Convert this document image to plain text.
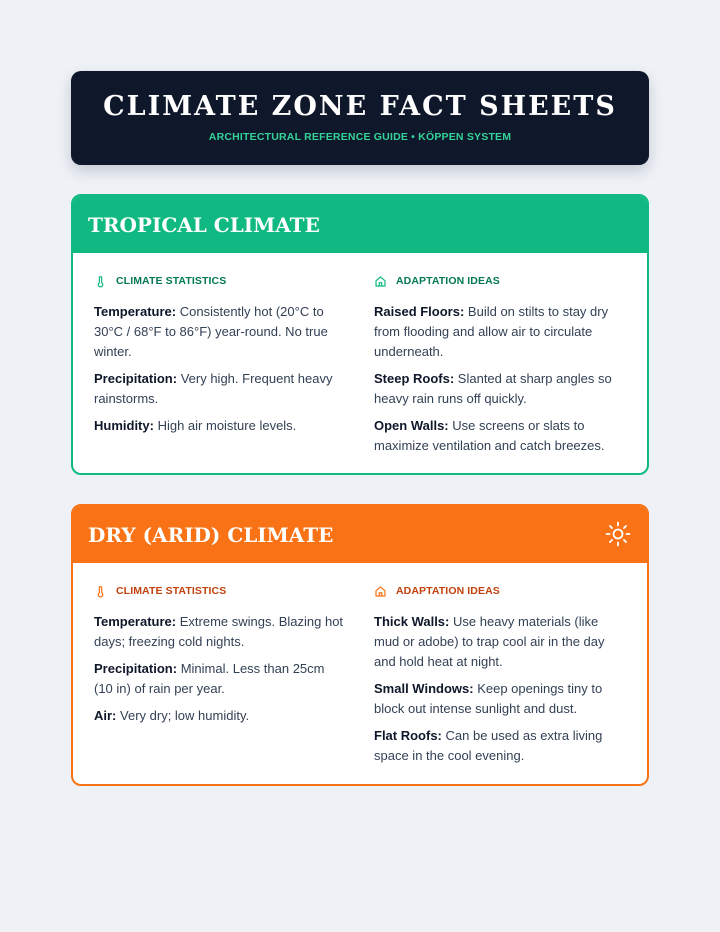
CLIMATE ZONE FACT SHEETS
ARCHITECTURAL REFERENCE GUIDE • KÖPPEN SYSTEM
TROPICAL CLIMATE
CLIMATE STATISTICS
Temperature: Consistently hot (20°C to 30°C / 68°F to 86°F) year-round. No true winter.
Precipitation: Very high. Frequent heavy rainstorms.
Humidity: High air moisture levels.
ADAPTATION IDEAS
Raised Floors: Build on stilts to stay dry from flooding and allow air to circulate underneath.
Steep Roofs: Slanted at sharp angles so heavy rain runs off quickly.
Open Walls: Use screens or slats to maximize ventilation and catch breezes.
DRY (ARID) CLIMATE
CLIMATE STATISTICS
Temperature: Extreme swings. Blazing hot days; freezing cold nights.
Precipitation: Minimal. Less than 25cm (10 in) of rain per year.
Air: Very dry; low humidity.
ADAPTATION IDEAS
Thick Walls: Use heavy materials (like mud or adobe) to trap cool air in the day and hold heat at night.
Small Windows: Keep openings tiny to block out intense sunlight and dust.
Flat Roofs: Can be used as extra living space in the cool evening.
